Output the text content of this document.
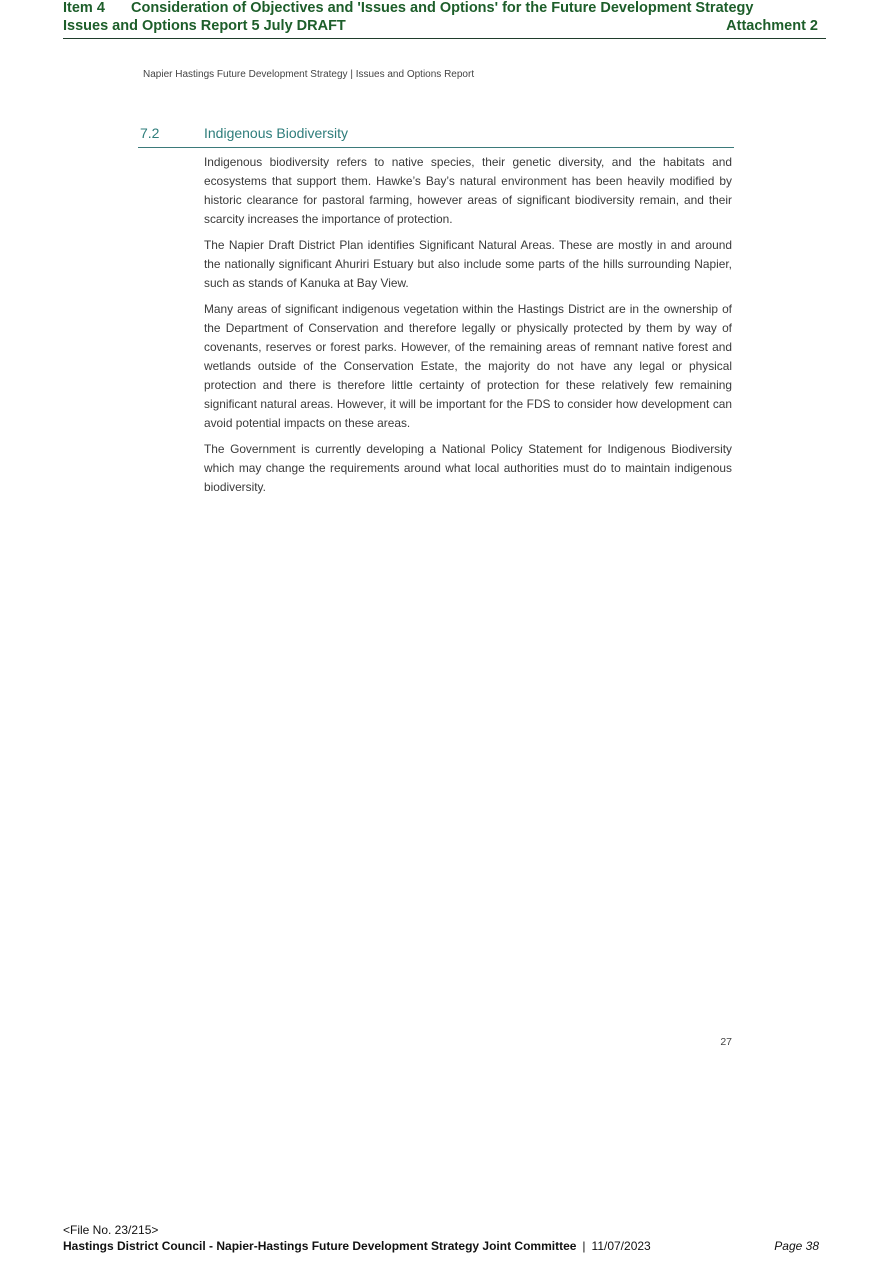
Item 4 Consideration of Objectives and 'Issues and Options' for the Future Development Strategy
Issues and Options Report 5 July DRAFT	Attachment 2
Napier Hastings Future Development Strategy | Issues and Options Report
7.2	Indigenous Biodiversity

Indigenous biodiversity refers to native species, their genetic diversity, and the habitats and ecosystems that support them. Hawke’s Bay’s natural environment has been heavily modified by historic clearance for pastoral farming, however areas of significant biodiversity remain, and their scarcity increases the importance of protection.

The Napier Draft District Plan identifies Significant Natural Areas. These are mostly in and around the nationally significant Ahuriri Estuary but also include some parts of the hills surrounding Napier, such as stands of Kanuka at Bay View.

Many areas of significant indigenous vegetation within the Hastings District are in the ownership of the Department of Conservation and therefore legally or physically protected by them by way of covenants, reserves or forest parks. However, of the remaining areas of remnant native forest and wetlands outside of the Conservation Estate, the majority do not have any legal or physical protection and there is therefore little certainty of protection for these relatively few remaining significant natural areas. However, it will be important for the FDS to consider how development can avoid potential impacts on these areas.

The Government is currently developing a National Policy Statement for Indigenous Biodiversity which may change the requirements around what local authorities must do to maintain indigenous biodiversity.

27
<File No. 23/215>
Hastings District Council - Napier-Hastings Future Development Strategy Joint Committee | 11/07/2023	Page 38
